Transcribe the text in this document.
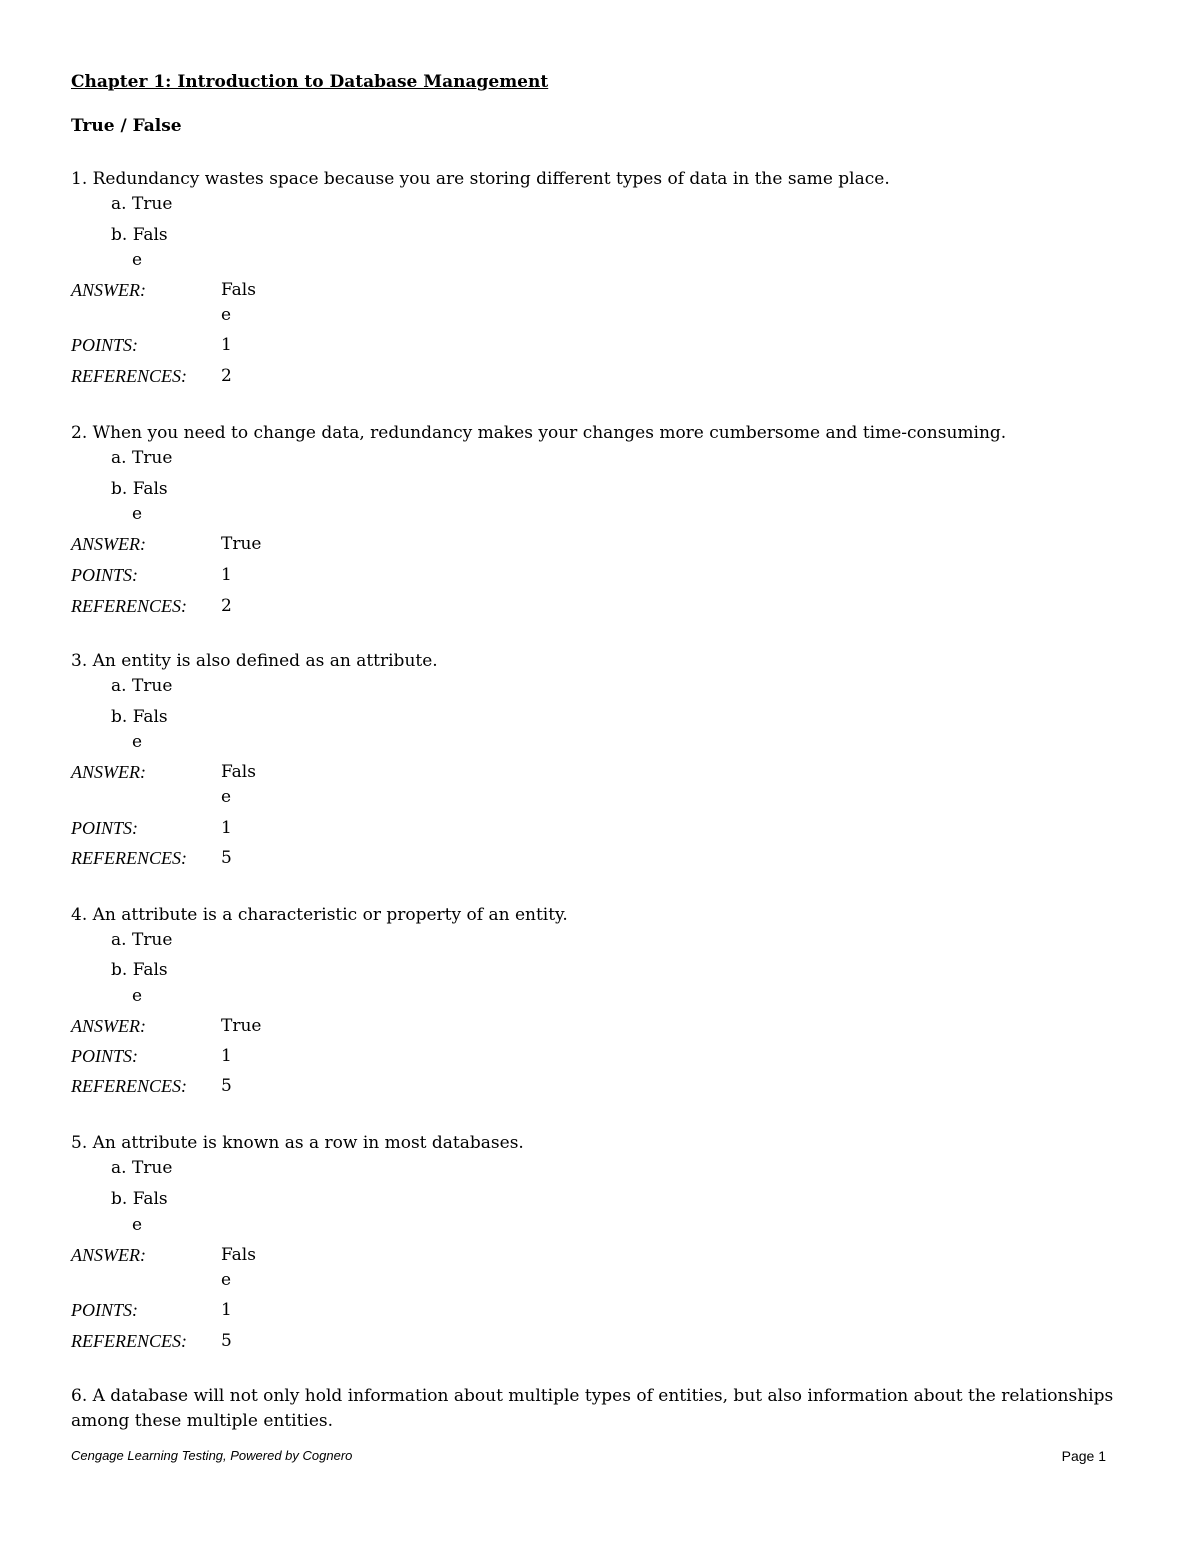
Chapter 1: Introduction to Database Management
True / False
1. Redundancy wastes space because you are storing different types of data in the same place.
a. True
b. Fals
e
ANSWER:	Fals
e
POINTS:	1
REFERENCES: 2
2. When you need to change data, redundancy makes your changes more cumbersome and time-consuming.
a. True
b. Fals
e
ANSWER:	True
POINTS:	1
REFERENCES: 2
3. An entity is also defined as an attribute.
a. True
b. Fals
e
ANSWER:	Fals
e
POINTS:	1
REFERENCES: 5
4. An attribute is a characteristic or property of an entity.
a. True
b. Fals
e
ANSWER:	True
POINTS:	1
REFERENCES: 5
5. An attribute is known as a row in most databases.
a. True
b. Fals
e
ANSWER:	Fals
e
POINTS:	1
REFERENCES: 5
6. A database will not only hold information about multiple types of entities, but also information about the relationships among these multiple entities.
Cengage Learning Testing, Powered by Cognero	Page 1
